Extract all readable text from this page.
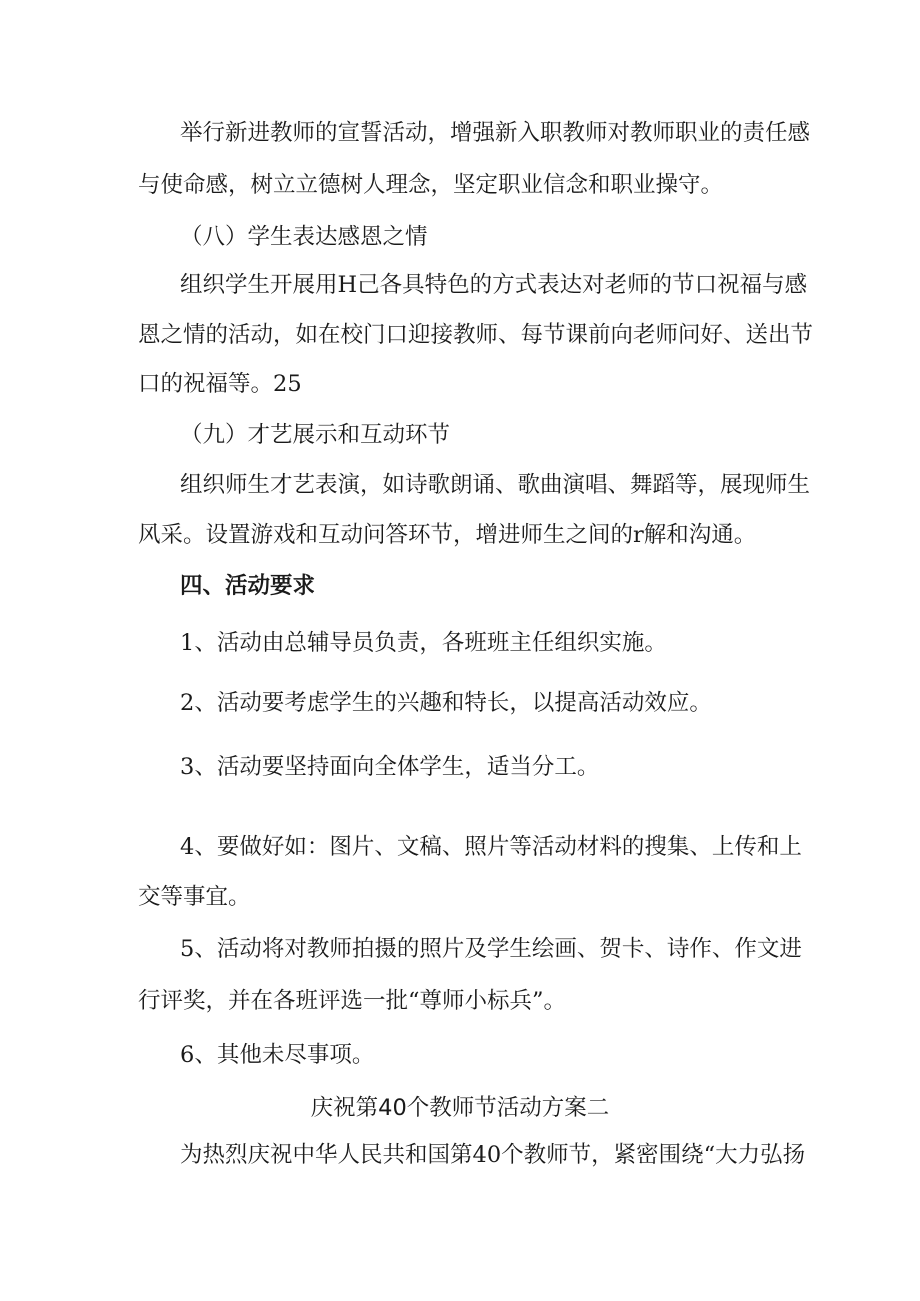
举行新进教师的宣誓活动，增强新入职教师对教师职业的责任感
与使命感，树立立德树人理念，坚定职业信念和职业操守。
（八）学生表达感恩之情
组织学生开展用H己各具特色的方式表达对老师的节口祝福与感
恩之情的活动，如在校门口迎接教师、每节课前向老师问好、送出节
口的祝福等。25
（九）才艺展示和互动环节
组织师生才艺表演，如诗歌朗诵、歌曲演唱、舞蹈等，展现师生
风采。设置游戏和互动问答环节，增进师生之间的r解和沟通。
四、活动要求
1、活动由总辅导员负责，各班班主任组织实施。
2、活动要考虑学生的兴趣和特长，以提高活动效应。
3、活动要坚持面向全体学生，适当分工。
4、要做好如：图片、文稿、照片等活动材料的搜集、上传和上
交等事宜。
5、活动将对教师拍摄的照片及学生绘画、贺卡、诗作、作文进
行评奖，并在各班评选一批“尊师小标兵”。
6、其他未尽事项。
庆祝第40个教师节活动方案二
为热烈庆祝中华人民共和国第40个教师节，紧密围绕“大力弘扬
